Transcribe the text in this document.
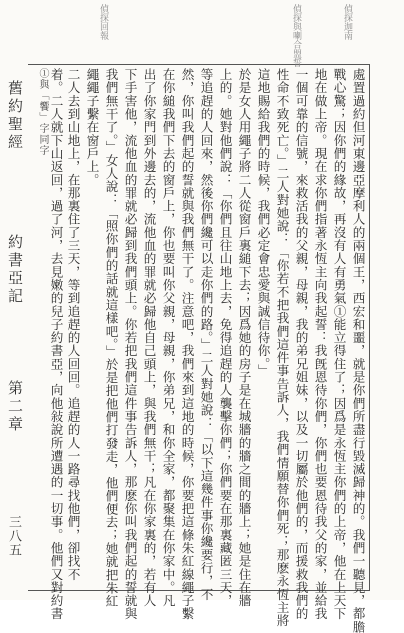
偵探迦南
偵探與喇合盟誓
偵探回報
舊約聖經
約書亞記
第二章
三八五
①與「饗」字同字	處置過約但河東邊亞摩利人的兩個王，西宏和噩，就是你們所盡行毀滅歸神的。我們一聽見，都膽
戰心驚；因你們的緣故，再沒有人有勇氣①能立得住了；因爲是永恆主你們的上帝，他在上天下
地在做上帝。現在求你們指著永恆主向我起誓：我旣恩待你們，你們也要恩待我父的家，並給我
一個可靠的信號，來救活我的父親，母親，我的弟兄姐妹，以及一切屬於他們的，而援救我們的
性命不致死亡。」二人對她說：「你若不把我們這件事告訴人，我們情願替你們死；那麽永恆主將
這地賜給我們的時候，我們必定會忠愛與誠信待你。」
於是女人用繩子將二人從窗戶裏縋下去；因爲她的房子是在城牆的牆之間的牆上；她是住在牆
上的。她對他們說：「你們且往山地上去，免得追趕的人襲擊你們；你們要在那裏藏匿三天，
等追趕的人回來，然後你們纔可以走你們的路。」二人對她說：「以下這幾件事你纔要行，不
然，你叫我們起的誓就與我們無干了。注意吧，我們來到這地的時候，你要把這條朱紅線繩子繫
在你縋我們下去的窗戶上，你也要叫你父親，母親，你弟兄，和你全家，都聚集在你家中。凡
出了你家門到外邊去的，流他血的罪就必歸他自己頭上，與我們無干；凡在你家裏的，若有人
下手害他，流他血的罪就必歸到我們頭上。你若把我們這件事告訴人，那麽你叫我們起的誓就與
我們無干了。」女人說：「照你們的話就這樣吧。」於是把他們打發走，他們便去；她就把朱紅
繩繩子繫在窗戶上。
二人去到山地上，在那裏住了三天，等到追趕的人回回。追趕的人一路尋找他們，卻找不
着。二人就下山返回，過了河，去見嫩的兒子約書亞，向他敍說所遭遇的一切事。他們又對約書
